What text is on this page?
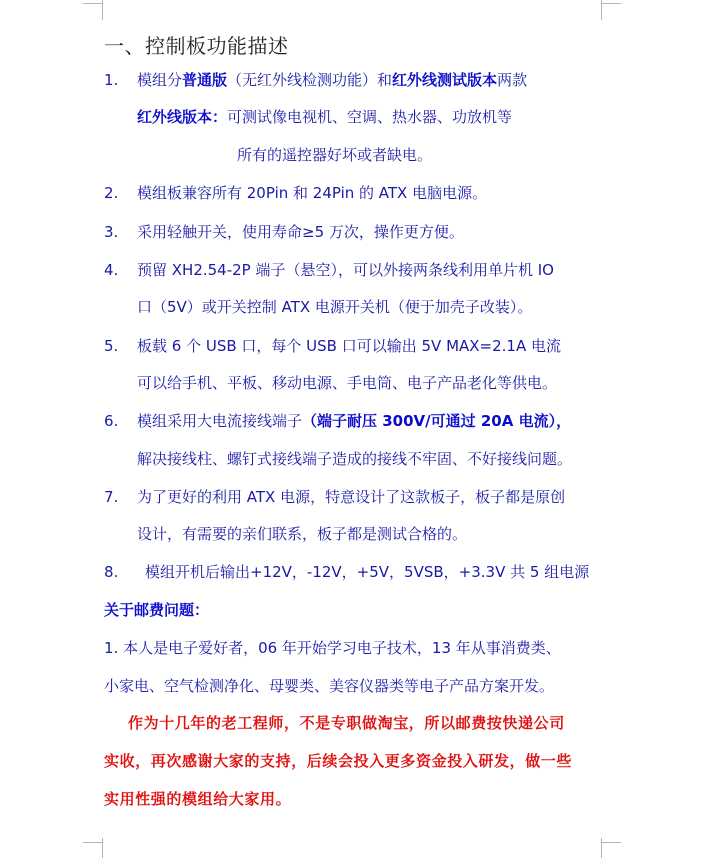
一、控制板功能描述
1. 模组分普通版（无红外线检测功能）和红外线测试版本两款
红外线版本：可测试像电视机、空调、热水器、功放机等
所有的遥控器好坏或者缺电。
2. 模组板兼容所有 20Pin 和 24Pin 的 ATX 电脑电源。
3. 采用轻触开关，使用寿命≥5 万次，操作更方便。
4. 预留 XH2.54-2P 端子（悬空），可以外接两条线利用单片机 IO
口（5V）或开关控制 ATX 电源开关机（便于加壳子改装）。
5. 板载 6 个 USB 口，每个 USB 口可以输出 5V MAX=2.1A 电流
可以给手机、平板、移动电源、手电筒、电子产品老化等供电。
6. 模组采用大电流接线端子（端子耐压 300V/可通过 20A 电流），
解决接线柱、螺钉式接线端子造成的接线不牢固、不好接线问题。
7. 为了更好的利用 ATX 电源，特意设计了这款板子，板子都是原创
设计，有需要的亲们联系，板子都是测试合格的。
8. 模组开机后输出+12V，-12V，+5V，5VSB，+3.3V 共 5 组电源
关于邮费问题：
1. 本人是电子爱好者，06 年开始学习电子技术，13 年从事消费类、
小家电、空气检测净化、母婴类、美容仪器类等电子产品方案开发。
作为十几年的老工程师，不是专职做淘宝，所以邮费按快递公司
实收，再次感谢大家的支持，后续会投入更多资金投入研发，做一些
实用性强的模组给大家用。
